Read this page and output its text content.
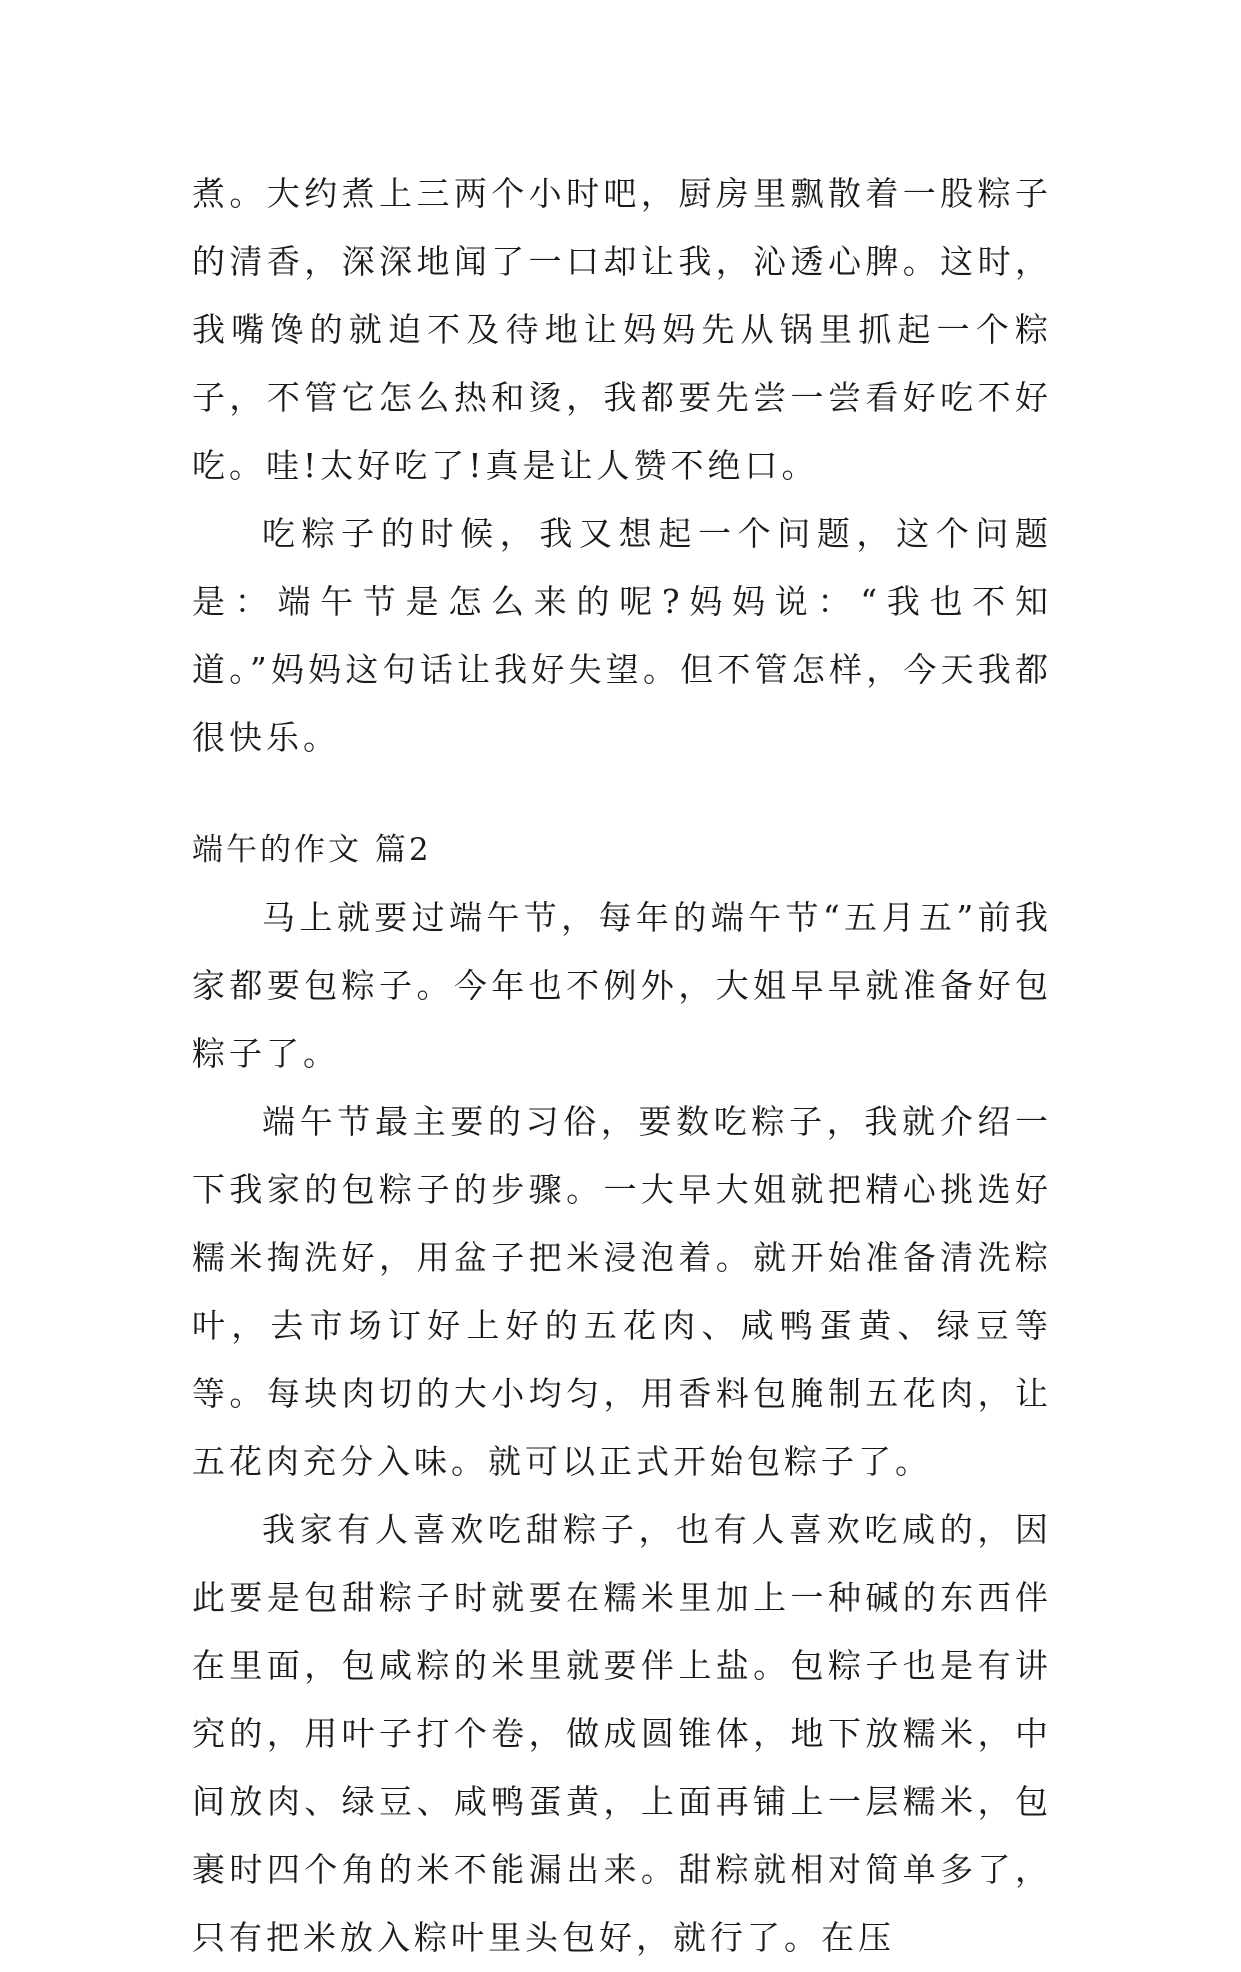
煮。大约煮上三两个小时吧，厨房里飘散着一股粽子的清香，深深地闻了一口却让我，沁透心脾。这时，我嘴馋的就迫不及待地让妈妈先从锅里抓起一个粽子，不管它怎么热和烫，我都要先尝一尝看好吃不好吃。哇!太好吃了!真是让人赞不绝口。

吃粽子的时候，我又想起一个问题，这个问题是：端午节是怎么来的呢?妈妈说：“我也不知道。”妈妈这句话让我好失望。但不管怎样，今天我都很快乐。

端午的作文 篇2

马上就要过端午节，每年的端午节“五月五”前我家都要包粽子。今年也不例外，大姐早早就准备好包粽子了。

端午节最主要的习俗，要数吃粽子，我就介绍一下我家的包粽子的步骤。一大早大姐就把精心挑选好糯米掏洗好，用盆子把米浸泡着。就开始准备清洗粽叶，去市场订好上好的五花肉、咸鸭蛋黄、绿豆等等。每块肉切的大小均匀，用香料包腌制五花肉，让五花肉充分入味。就可以正式开始包粽子了。

我家有人喜欢吃甜粽子，也有人喜欢吃咸的，因此要是包甜粽子时就要在糯米里加上一种碱的东西伴在里面，包咸粽的米里就要伴上盐。包粽子也是有讲究的，用叶子打个卷，做成圆锥体，地下放糯米，中间放肉、绿豆、咸鸭蛋黄，上面再铺上一层糯米，包裹时四个角的米不能漏出来。甜粽就相对简单多了，只有把米放入粽叶里头包好，就行了。在压
